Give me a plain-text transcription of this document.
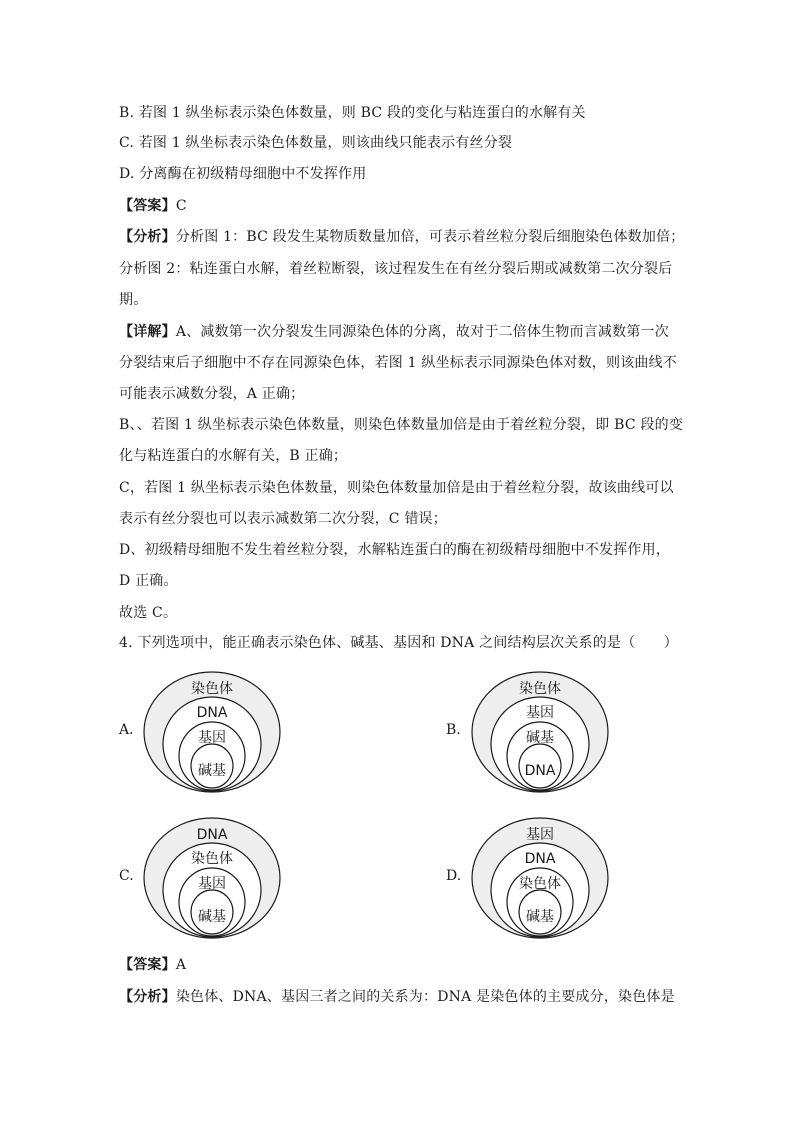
B. 若图 1 纵坐标表示染色体数量，则 BC 段的变化与粘连蛋白的水解有关
C. 若图 1 纵坐标表示染色体数量，则该曲线只能表示有丝分裂
D. 分离酶在初级精母细胞中不发挥作用
【答案】C
【分析】分析图 1：BC 段发生某物质数量加倍，可表示着丝粒分裂后细胞染色体数加倍；
分析图 2：粘连蛋白水解，着丝粒断裂，该过程发生在有丝分裂后期或减数第二次分裂后
期。
【详解】A、减数第一次分裂发生同源染色体的分离，故对于二倍体生物而言减数第一次
分裂结束后子细胞中不存在同源染色体，若图 1 纵坐标表示同源染色体对数，则该曲线不
可能表示减数分裂，A 正确；
B、、若图 1 纵坐标表示染色体数量，则染色体数量加倍是由于着丝粒分裂，即 BC 段的变
化与粘连蛋白的水解有关，B 正确；
C，若图 1 纵坐标表示染色体数量，则染色体数量加倍是由于着丝粒分裂，故该曲线可以
表示有丝分裂也可以表示减数第二次分裂，C 错误；
D、初级精母细胞不发生着丝粒分裂，水解粘连蛋白的酶在初级精母细胞中不发挥作用，
D 正确。
故选 C。
4. 下列选项中，能正确表示染色体、碱基、基因和 DNA 之间结构层次关系的是（　　）
A.	B.
C.	D.
染色体
DNA
基因
碱基
染色体
基因
碱基
DNA
DNA
染色体
基因
碱基
基因
DNA
染色体
碱基
【答案】A
【分析】染色体、DNA、基因三者之间的关系为：DNA 是染色体的主要成分，染色体是
